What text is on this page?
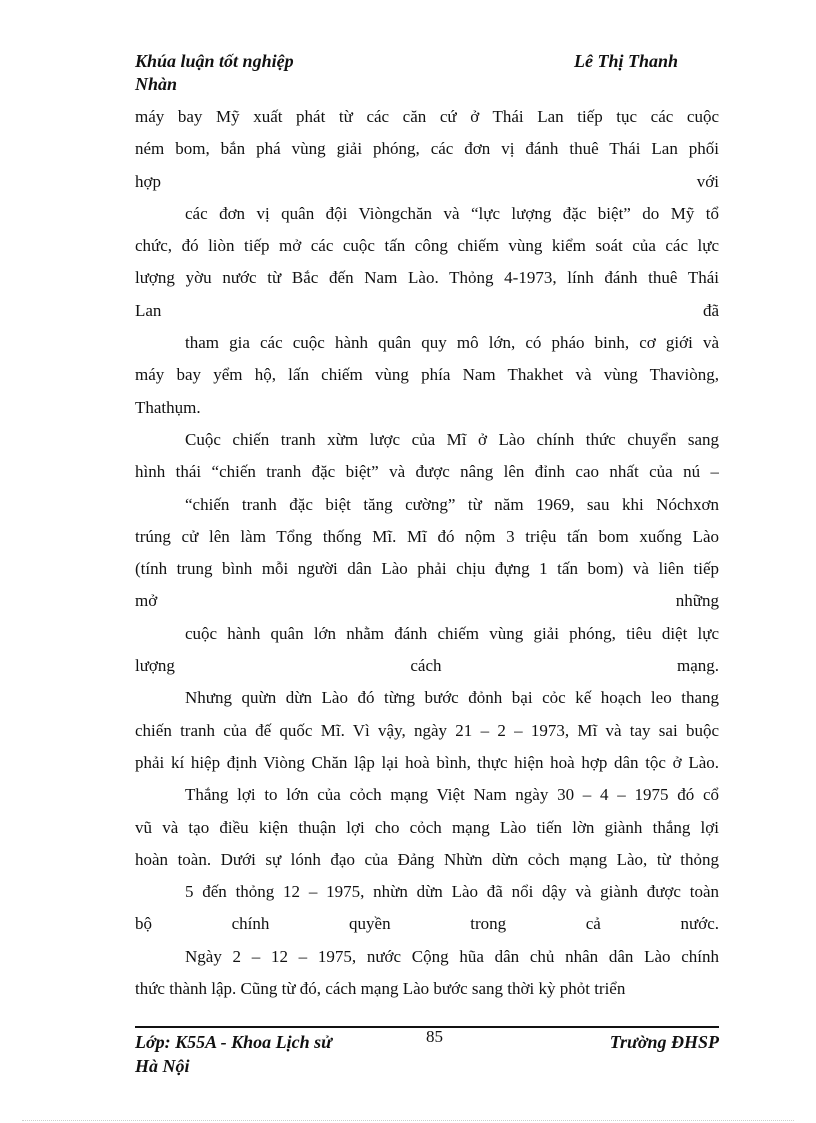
Khúa luận tốt nghiệp	Lê Thị Thanh
Nhàn
máy bay Mỹ xuất phát từ các căn cứ ở Thái Lan tiếp tục các cuộc
ném bom, bắn phá vùng giải phóng, các đơn vị đánh thuê Thái Lan phối
hợp với
các đơn vị quân đội Viòngchăn và “lực lượng đặc biệt” do Mỹ tổ
chức, đó liòn tiếp mở các cuộc tấn công chiếm vùng kiểm soát của các lực
lượng yờu nước từ Bắc đến Nam Lào. Thỏng 4-1973, lính đánh thuê Thái
Lan đã
tham gia các cuộc hành quân quy mô lớn, có pháo binh, cơ giới và
máy bay yểm hộ, lấn chiếm vùng phía Nam Thakhet và vùng Thaviòng,
Thathụm.
Cuộc chiến tranh xừm lược của Mĩ ở Lào chính thức chuyển sang
hình thái “chiến tranh đặc biệt” và được nâng lên đỉnh cao nhất của nú –
“chiến tranh đặc biệt tăng cường” từ năm 1969, sau khi Nóchxơn
trúng cử lên làm Tổng thống Mĩ. Mĩ đó nộm 3 triệu tấn bom xuống Lào
(tính trung bình mỗi người dân Lào phải chịu đựng 1 tấn bom) và liên tiếp
mở những
cuộc hành quân lớn nhằm đánh chiếm vùng giải phóng, tiêu diệt lực
lượng cách mạng.
Nhưng quừn dừn Lào đó từng bước đỏnh bại cỏc kế hoạch leo thang
chiến tranh của đế quốc Mĩ. Vì vậy, ngày 21 – 2 – 1973, Mĩ và tay sai buộc
phải kí hiệp định Viòng Chăn lập lại hoà bình, thực hiện hoà hợp dân tộc ở Lào.
Thắng lợi to lớn của cỏch mạng Việt Nam ngày 30 – 4 – 1975 đó cổ
vũ và tạo điều kiện thuận lợi cho cỏch mạng Lào tiến lờn giành thắng lợi
hoàn toàn. Dưới sự lónh đạo của Đảng Nhừn dừn cỏch mạng Lào, từ thỏng
5 đến thỏng 12 – 1975, nhừn dừn Lào đã nổi dậy và giành được toàn
bộ chính quyền trong cả nước.
Ngày 2 – 12 – 1975, nước Cộng hũa dân chủ nhân dân Lào chính
thức thành lập. Cũng từ đó, cách mạng Lào bước sang thời kỳ phỏt triển
Lớp: K55A - Khoa Lịch sử
Hà Nội
85	Trường ĐHSP
